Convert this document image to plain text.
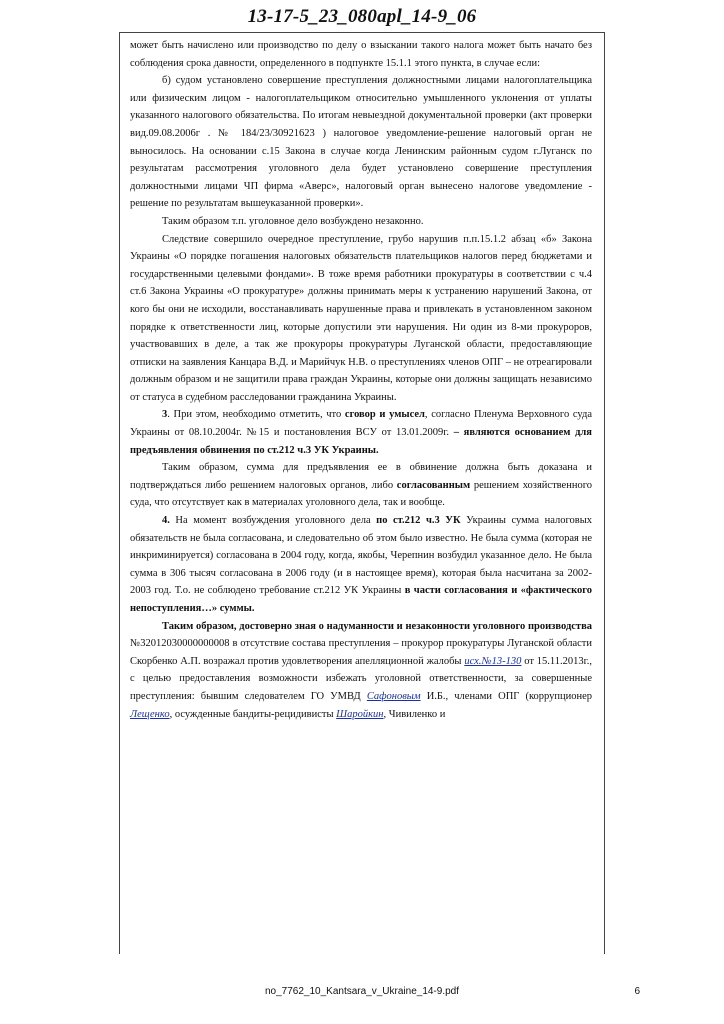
13-17-5_23_080apl_14-9_06

может быть начислено или производство по делу о взыскании такого налога может быть начато без соблюдения срока давности, определенного в подпункте 15.1.1 этого пункта, в случае если:

б) судом установлено совершение преступления должностными лицами налогоплательщика или физическим лицом - налогоплательщиком относительно умышленного уклонения от уплаты указанного налогового обязательства. По итогам невыездной документальной проверки (акт проверки вид.09.08.2006г . № 184/23/30921623 ) налоговое уведомление-решение налоговый орган не выносилось. На основании с.15 Закона в случае когда Ленинским районным судом г.Луганск по результатам рассмотрения уголовного дела будет установлено совершение преступления должностными лицами ЧП фирма «Аверс», налоговый орган вынесено налогове уведомление - решение по результатам вышеуказанной проверки».

Таким образом т.п. уголовное дело возбуждено незаконно.

Следствие совершило очередное преступление, грубо нарушив п.п.15.1.2 абзац «б» Закона Украины «О порядке погашения налоговых обязательств плательщиков налогов перед бюджетами и государственными целевыми фондами». В тоже время работники прокуратуры в соответствии с ч.4 ст.6 Закона Украины «О прокуратуре» должны принимать меры к устранению нарушений Закона, от кого бы они не исходили, восстанавливать нарушенные права и привлекать в установленном законом порядке к ответственности лиц, которые допустили эти нарушения. Ни один из 8-ми прокуроров, участвовавших в деле, а так же прокуроры прокуратуры Луганской области, предоставляющие отписки на заявления Канцара В.Д. и Марийчук Н.В. о преступлениях членов ОПГ – не отреагировали должным образом и не защитили права граждан Украины, которые они должны защищать независимо от статуса в судебном расследовании гражданина Украины.

3. При этом, необходимо отметить, что сговор и умысел, согласно Пленума Верховного суда Украины от 08.10.2004г. №15 и постановления ВСУ от 13.01.2009г. – являются основанием для предъявления обвинения по ст.212 ч.3 УК Украины.

Таким образом, сумма для предъявления ее в обвинение должна быть доказана и подтверждаться либо решением налоговых органов, либо согласованным решением хозяйственного суда, что отсутствует как в материалах уголовного дела, так и вообще.

4. На момент возбуждения уголовного дела по ст.212 ч.3 УК Украины сумма налоговых обязательств не была согласована, и следовательно об этом было известно. Не была сумма (которая не инкриминируется) согласована в 2004 году, когда, якобы, Черепнин возбудил указанное дело. Не была сумма в 306 тысяч согласована в 2006 году (и в настоящее время), которая была насчитана за 2002-2003 год. Т.о. не соблюдено требование ст.212 УК Украины в части согласования и «фактического непоступления…» суммы.

Таким образом, достоверно зная о надуманности и незаконности уголовного производства №32012030000000008 в отсутствие состава преступления – прокурор прокуратуры Луганской области Скорбенко А.П. возражал против удовлетворения апелляционной жалобы исх.№13-130 от 15.11.2013г., с целью предоставления возможности избежать уголовной ответственности, за совершенные преступления: бывшим следователем ГО УМВД Сафоновым И.Б., членами ОПГ (коррупционер Лещенко, осужденные бандиты-рецидивисты Шаройкин, Чивиленко и

no_7762_10_Kantsara_v_Ukraine_14-9.pdf	6
